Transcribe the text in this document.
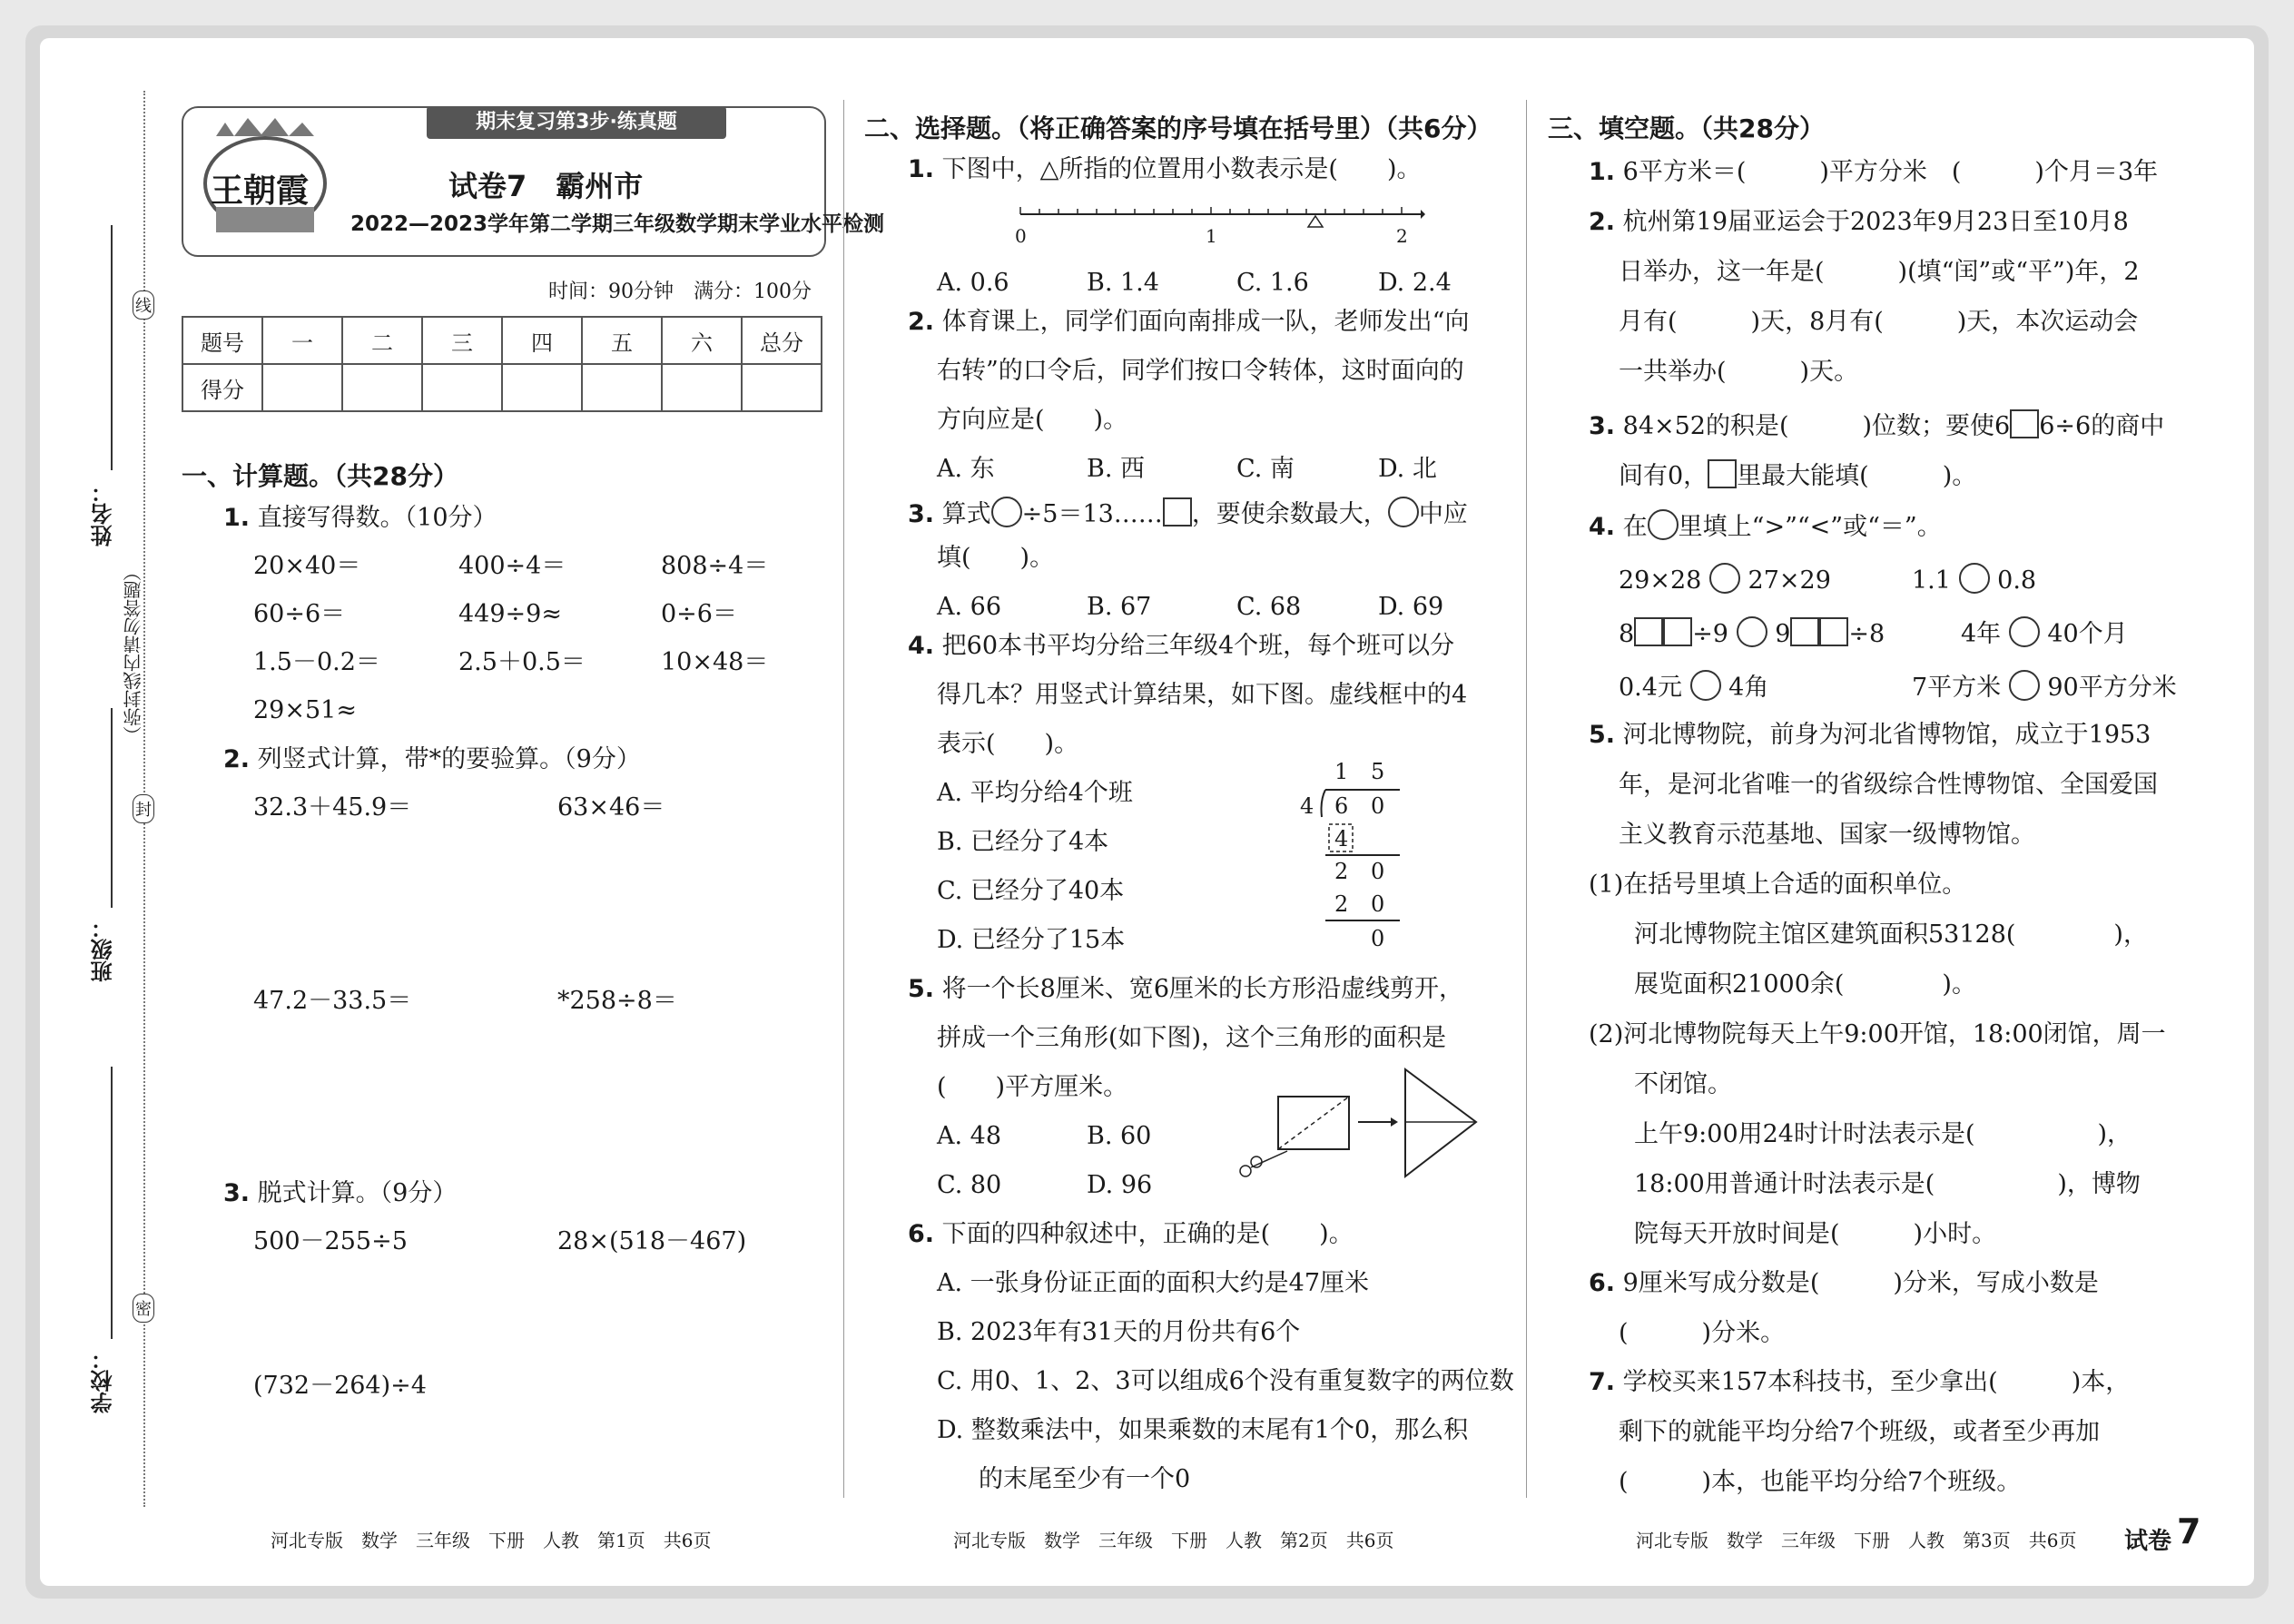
线
封
密
（弥封线内请勿答题）
姓名：
班级：
学校：
王朝霞
期末复习第3步·练真题
试卷7　霸州市
2022—2023学年第二学期三年级数学期末学业水平检测
时间：90分钟　满分：100分
题号	一	二	三	四	五	六	总分
得分							
一、计算题。（共28分）
1. 直接写得数。（10分）
20×40＝	400÷4＝	808÷4＝
60÷6＝	449÷9≈	0÷6＝
1.5－0.2＝	2.5＋0.5＝	10×48＝
29×51≈
2. 列竖式计算，带*的要验算。（9分）
32.3＋45.9＝	63×46＝
47.2－33.5＝	*258÷8＝
3. 脱式计算。（9分）
500－255÷5	28×(518－467)
(732－264)÷4
河北专版　数学　三年级　下册　人教　第1页　共6页
二、选择题。（将正确答案的序号填在括号里）（共6分）
1. 下图中，△所指的位置用小数表示是(　　)。
0	1	2
A. 0.6	B. 1.4	C. 1.6	D. 2.4
2. 体育课上，同学们面向南排成一队，老师发出“向
右转”的口令后，同学们按口令转体，这时面向的
方向应是(　　)。
A. 东	B. 西	C. 南	D. 北
3. 算式 ÷5＝13…… ，要使余数最大， 中应
填(　　)。
A. 66	B. 67	C. 68	D. 69
4. 把60本书平均分给三年级4个班，每个班可以分
得几本？用竖式计算结果，如下图。虚线框中的4
表示(　　)。
A. 平均分给4个班
B. 已经分了4本
C. 已经分了40本
D. 已经分了15本
1 5
4 6 0
4
2 0
2 0
0
5. 将一个长8厘米、宽6厘米的长方形沿虚线剪开，
拼成一个三角形(如下图)，这个三角形的面积是
(　　)平方厘米。
A. 48	B. 60
C. 80	D. 96
6. 下面的四种叙述中，正确的是(　　)。
A. 一张身份证正面的面积大约是47厘米
B. 2023年有31天的月份共有6个
C. 用0、1、2、3可以组成6个没有重复数字的两位数
D. 整数乘法中，如果乘数的末尾有1个0，那么积
的末尾至少有一个0
河北专版　数学　三年级　下册　人教　第2页　共6页
三、填空题。（共28分）
1. 6平方米＝(　　　)平方分米　(　　　)个月＝3年
2. 杭州第19届亚运会于2023年9月23日至10月8
日举办，这一年是(　　　)(填“闰”或“平”)年，2
月有(　　　)天，8月有(　　　)天，本次运动会
一共举办(　　　)天。
3. 84×52的积是(　　　)位数；要使6 6÷6的商中
间有0， 里最大能填(　　　)。
4. 在 里填上“>”“<”或“＝”。
29×28 27×29	1.1 0.8
8 ÷9 9 ÷8	4年 40个月
0.4元 4角	7平方米 90平方分米
5. 河北博物院，前身为河北省博物馆，成立于1953
年，是河北省唯一的省级综合性博物馆、全国爱国
主义教育示范基地、国家一级博物馆。
(1)在括号里填上合适的面积单位。
河北博物院主馆区建筑面积53128(　　　　)，
展览面积21000余(　　　　)。
(2)河北博物院每天上午9:00开馆，18:00闭馆，周一
不闭馆。
上午9:00用24时计时法表示是(　　　　　)，
18:00用普通计时法表示是(　　　　　)，博物
院每天开放时间是(　　　)小时。
6. 9厘米写成分数是(　　　)分米，写成小数是
(　　　)分米。
7. 学校买来157本科技书，至少拿出(　　　)本，
剩下的就能平均分给7个班级，或者至少再加
(　　　)本，也能平均分给7个班级。
河北专版　数学　三年级　下册　人教　第3页　共6页 试卷 7
